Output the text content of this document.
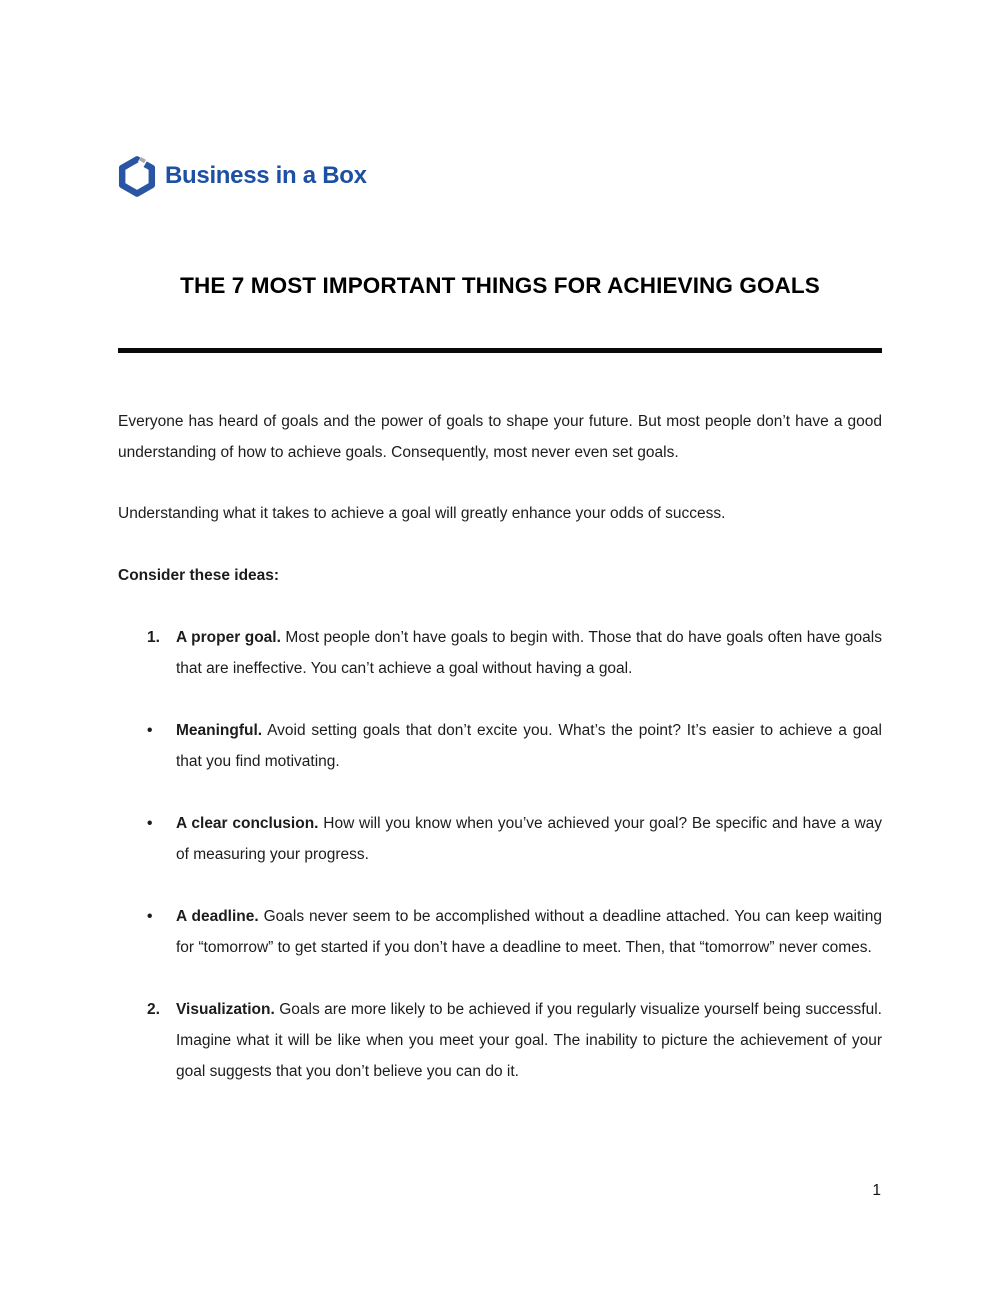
Business in a Box
THE 7 MOST IMPORTANT THINGS FOR ACHIEVING GOALS

Everyone has heard of goals and the power of goals to shape your future. But most people don’t have a good understanding of how to achieve goals. Consequently, most never even set goals.

Understanding what it takes to achieve a goal will greatly enhance your odds of success.

Consider these ideas:
1. A proper goal. Most people don’t have goals to begin with. Those that do have goals often have goals that are ineffective. You can’t achieve a goal without having a goal.
• Meaningful. Avoid setting goals that don’t excite you. What’s the point? It’s easier to achieve a goal that you find motivating.
• A clear conclusion. How will you know when you’ve achieved your goal? Be specific and have a way of measuring your progress.
• A deadline. Goals never seem to be accomplished without a deadline attached. You can keep waiting for “tomorrow” to get started if you don’t have a deadline to meet. Then, that “tomorrow” never comes.
2. Visualization. Goals are more likely to be achieved if you regularly visualize yourself being successful. Imagine what it will be like when you meet your goal. The inability to picture the achievement of your goal suggests that you don’t believe you can do it.
1
